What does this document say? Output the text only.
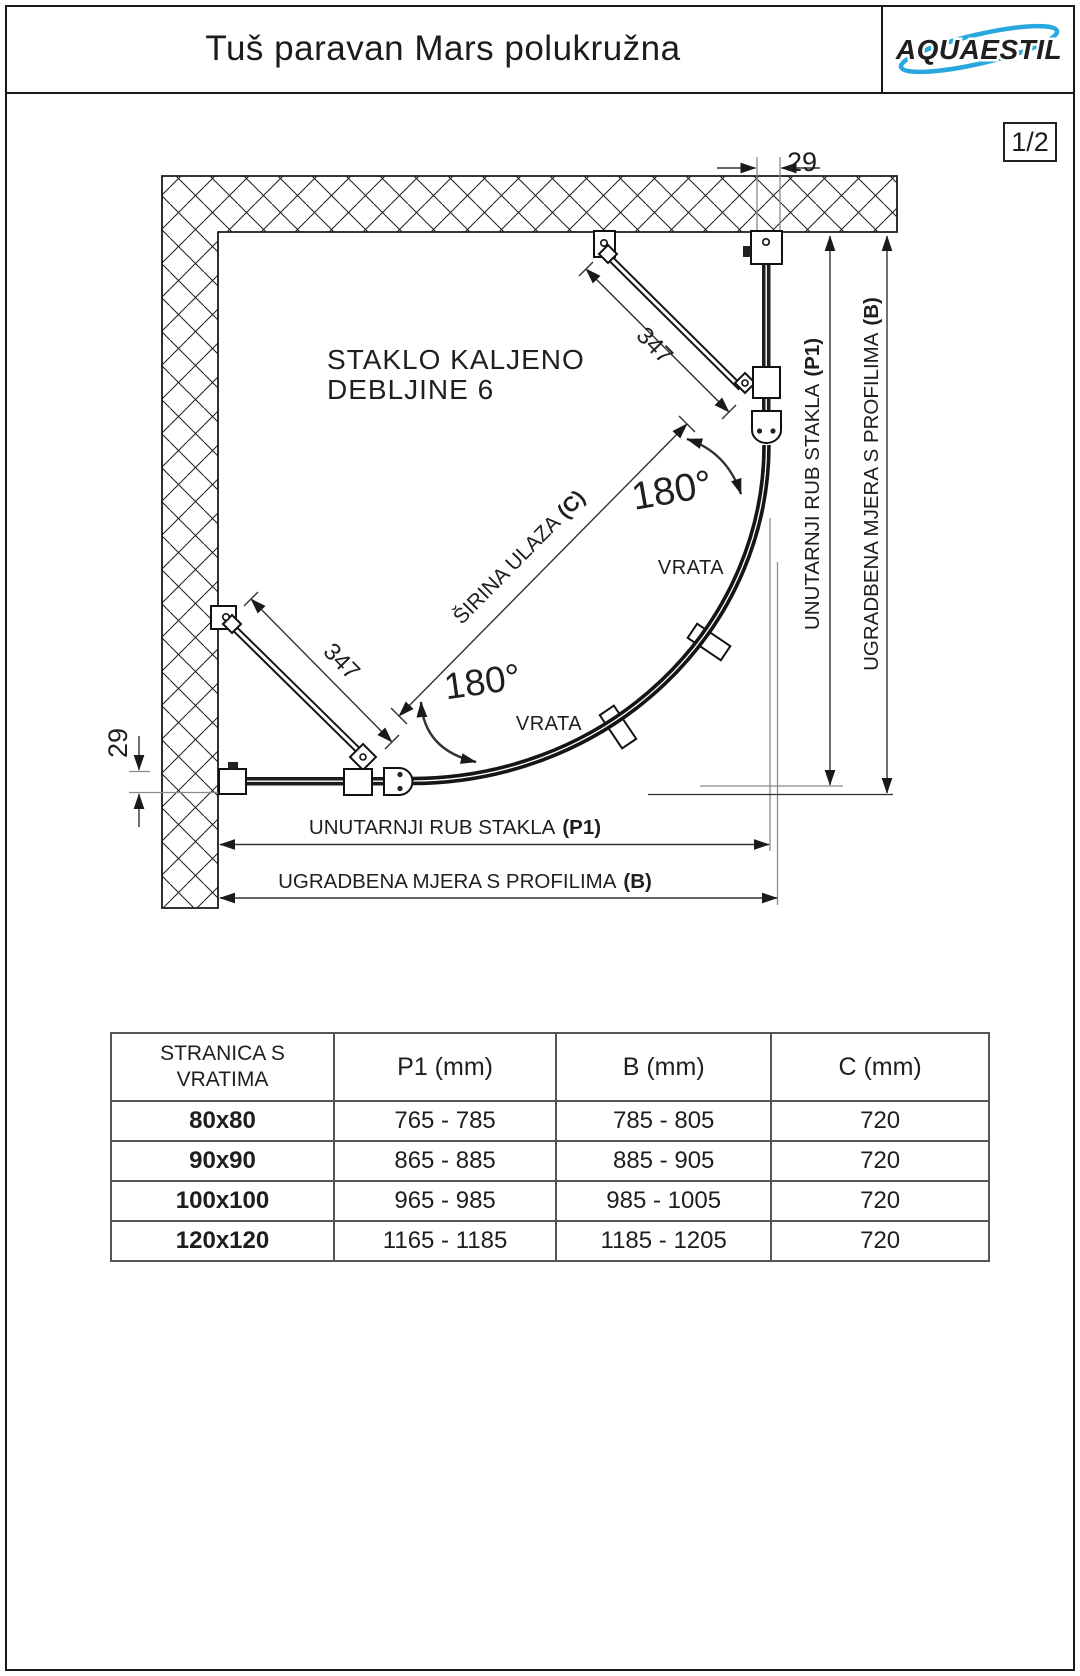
Tuš paravan Mars polukružna	AQUAESTIL
1/2
STAKLO KALJENO
DEBLJINE 6
29
29
347
347
ŠIRINA ULAZA(C) 180°
180°
VRATA
VRATA
UNUTARNJI RUB STAKLA (P1)
UGRADBENA MJERA S PROFILIMA (B)
UNUTARNJI RUB STAKLA(P1) UGRADBENA MJERA S PROFILIMA(B)
STRANICA S
VRATIMA	P1 (mm)	B (mm)	C (mm)
80x80	765 - 785	785 - 805	720
90x90	865 - 885	885 - 905	720
100x100	965 - 985	985 - 1005	720
120x120	1165 - 1185	1185 - 1205	720
